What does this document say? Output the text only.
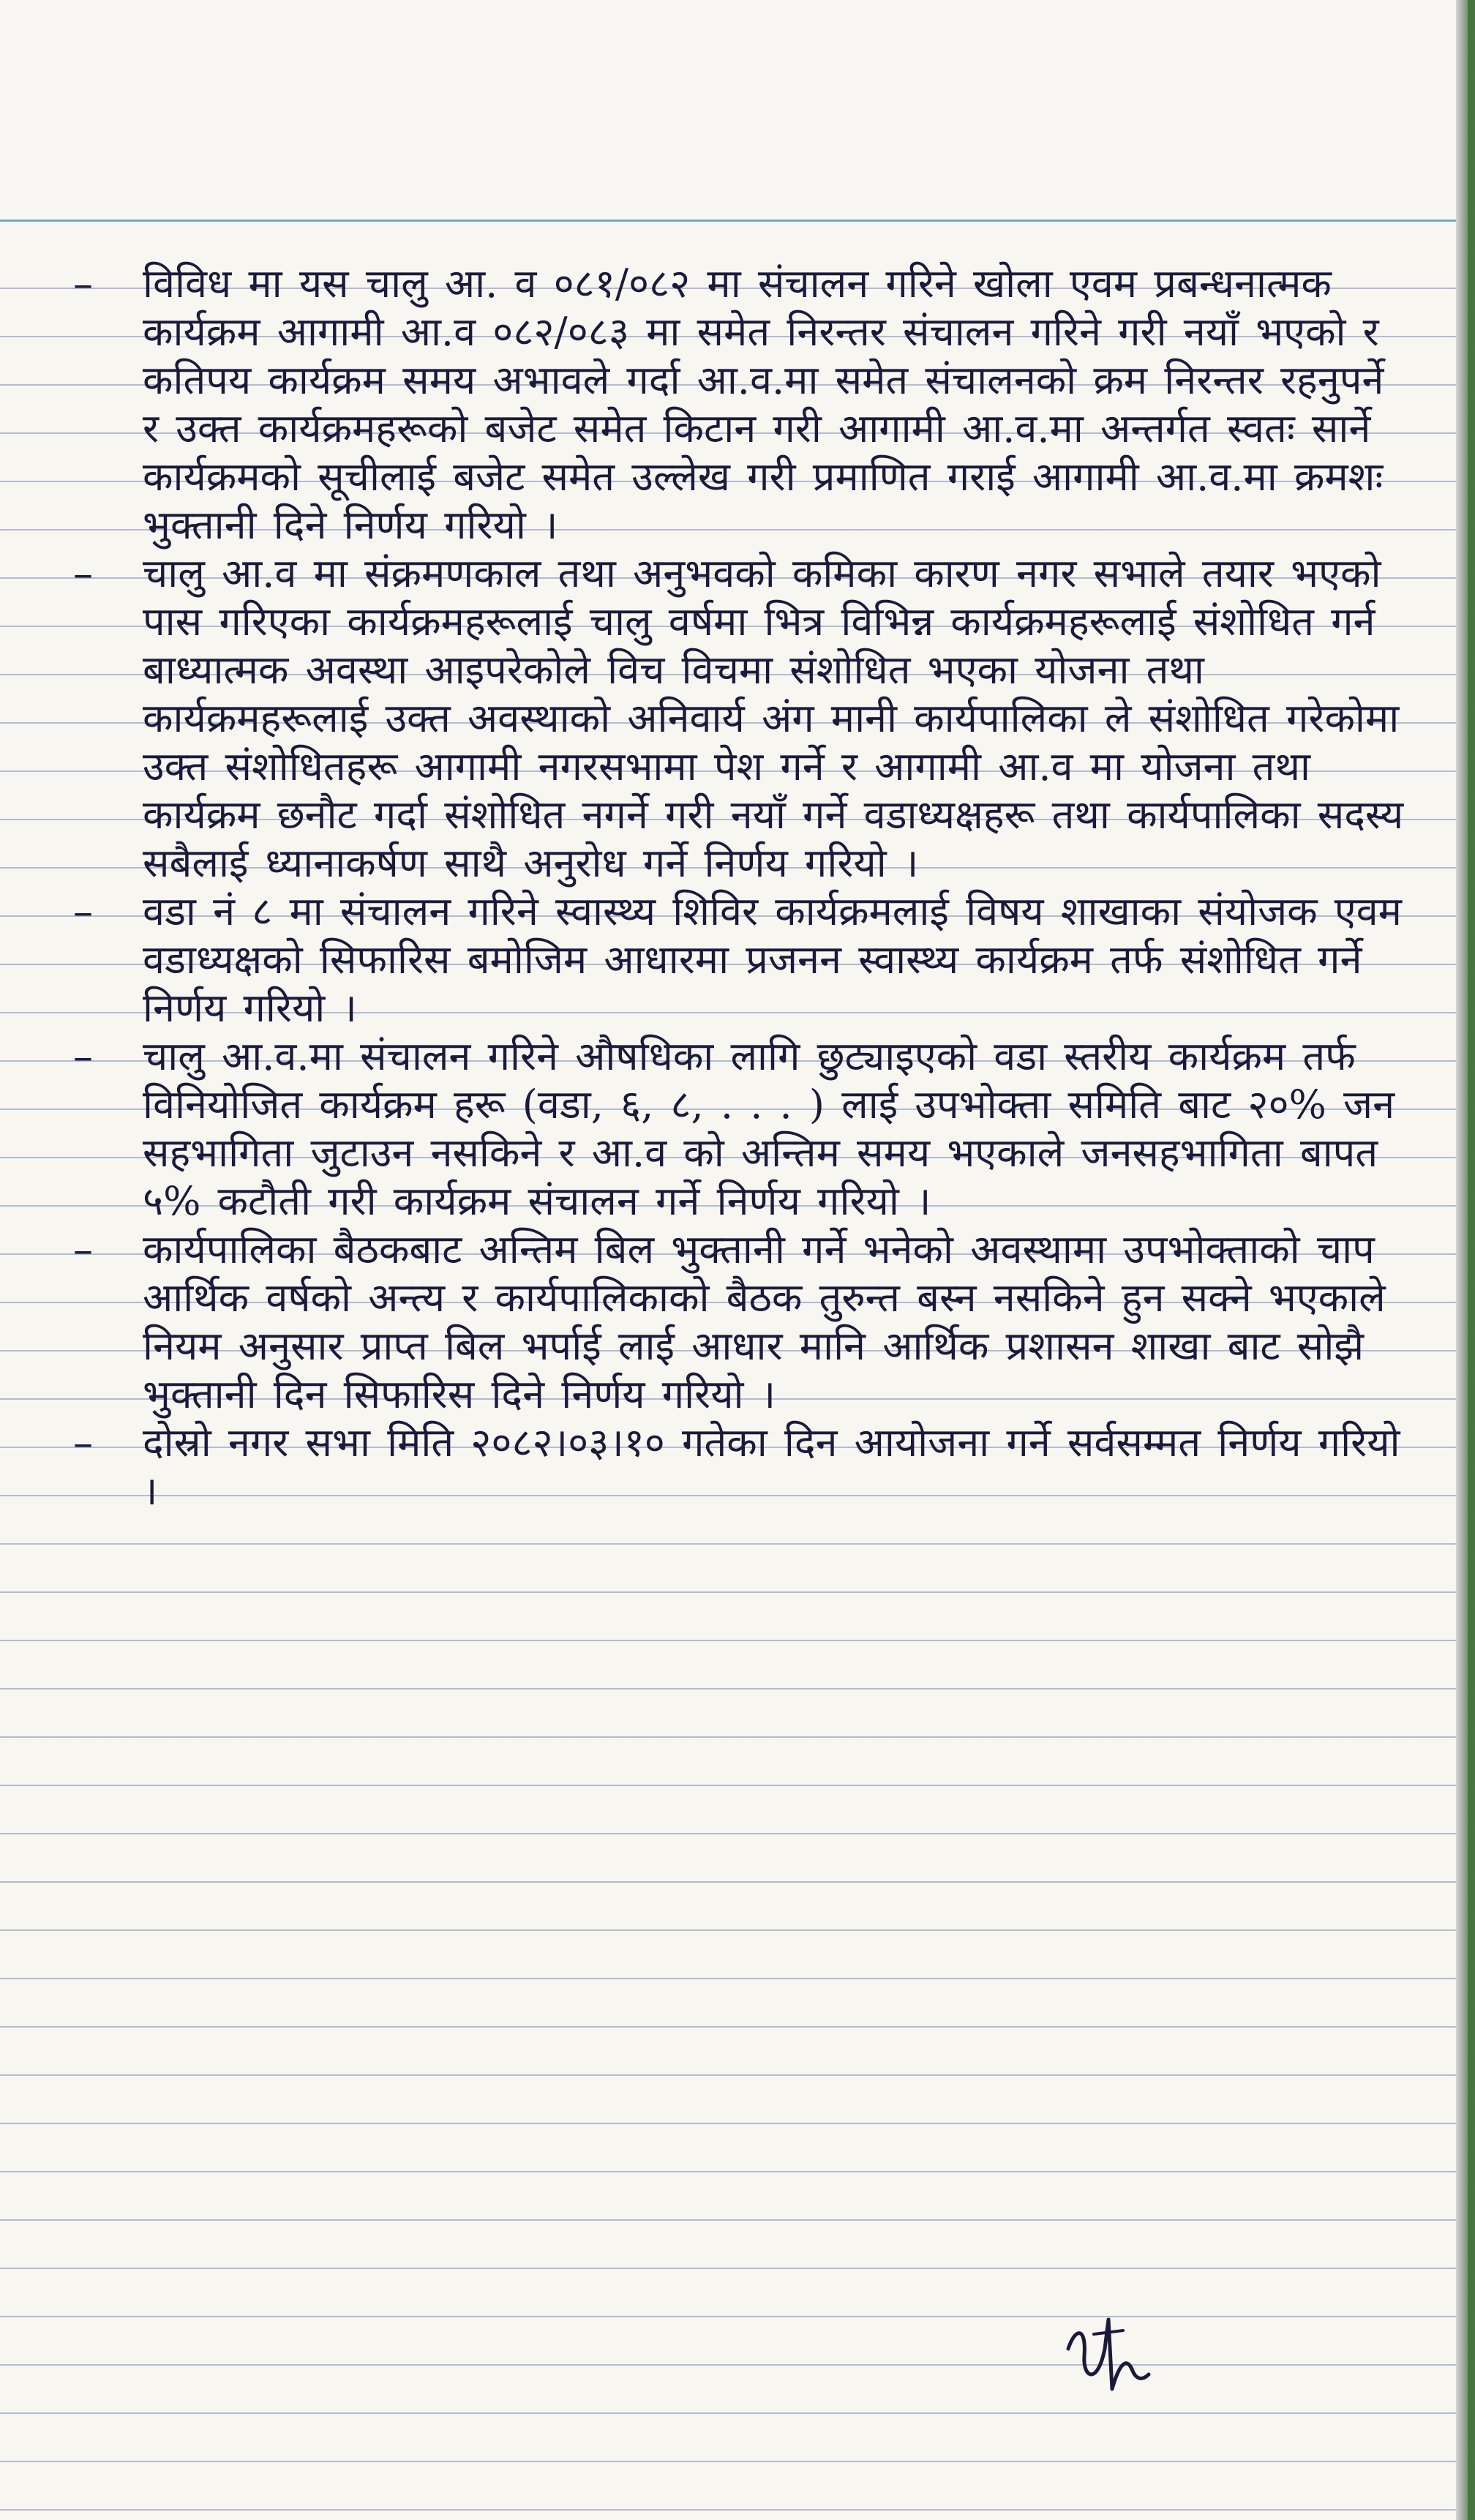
– विविध मा यस चालु आ. व ०८१/०८२ मा संचालन गरिने खोला एवम प्रबन्धनात्मक कार्यक्रम आगामी आ.व ०८२/०८३ मा समेत निरन्तर संचालन गरिने गरी नयाँ भएको र कतिपय कार्यक्रम समय अभावले गर्दा आ.व.मा समेत संचालनको क्रम निरन्तर रहनुपर्ने र उक्त कार्यक्रमहरूको बजेट समेत किटान गरी आगामी आ.व.मा अन्तर्गत स्वतः सार्ने कार्यक्रमको सूचीलाई बजेट समेत उल्लेख गरी प्रमाणित गराई आगामी आ.व.मा क्रमशः भुक्तानी दिने निर्णय गरियो ।

– चालु आ.व मा संक्रमणकाल तथा अनुभवको कमिका कारण नगर सभाले तयार भएको पास गरिएका कार्यक्रमहरूलाई चालु वर्षमा भित्र विभिन्न कार्यक्रमहरूलाई संशोधित गर्न बाध्यात्मक अवस्था आइपरेकोले विच विचमा संशोधित भएका योजना तथा कार्यक्रमहरूलाई उक्त अवस्थाको अनिवार्य अंग मानी कार्यपालिका ले संशोधित गरेकोमा उक्त संशोधितहरू आगामी नगरसभामा पेश गर्ने र आगामी आ.व मा योजना तथा कार्यक्रम छनौट गर्दा संशोधित नगर्ने गरी नयाँ गर्ने वडाध्यक्षहरू तथा कार्यपालिका सदस्य सबैलाई ध्यानाकर्षण साथै अनुरोध गर्ने निर्णय गरियो ।

– वडा नं ८ मा संचालन गरिने स्वास्थ्य शिविर कार्यक्रमलाई विषय शाखाका संयोजक एवम वडाध्यक्षको सिफारिस बमोजिम आधारमा प्रजनन स्वास्थ्य कार्यक्रम तर्फ संशोधित गर्ने निर्णय गरियो ।

– चालु आ.व.मा संचालन गरिने औषधिका लागि छुट्याइएको वडा स्तरीय कार्यक्रम तर्फ विनियोजित कार्यक्रम हरू (वडा, ६, ८, . . . ) लाई उपभोक्ता समिति बाट २०% जन सहभागिता जुटाउन नसकिने र आ.व को अन्तिम समय भएकाले जनसहभागिता बापत ५% कटौती गरी कार्यक्रम संचालन गर्ने निर्णय गरियो ।

– कार्यपालिका बैठकबाट अन्तिम बिल भुक्तानी गर्ने भनेको अवस्थामा उपभोक्ताको चाप आर्थिक वर्षको अन्त्य र कार्यपालिकाको बैठक तुरुन्त बस्न नसकिने हुन सक्ने भएकाले नियम अनुसार प्राप्त बिल भर्पाई लाई आधार मानि आर्थिक प्रशासन शाखा बाट सोझै भुक्तानी दिन सिफारिस दिने निर्णय गरियो ।

– दोस्रो नगर सभा मिति २०८२।०३।१० गतेका दिन आयोजना गर्ने सर्वसम्मत निर्णय गरियो ।
